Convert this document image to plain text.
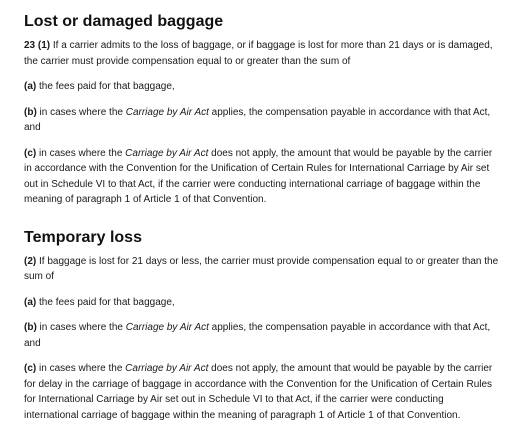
Lost or damaged baggage

23 (1) If a carrier admits to the loss of baggage, or if baggage is lost for more than 21 days or is damaged, the carrier must provide compensation equal to or greater than the sum of

(a) the fees paid for that baggage,

(b) in cases where the Carriage by Air Act applies, the compensation payable in accordance with that Act, and

(c) in cases where the Carriage by Air Act does not apply, the amount that would be payable by the carrier in accordance with the Convention for the Unification of Certain Rules for International Carriage by Air set out in Schedule VI to that Act, if the carrier were conducting international carriage of baggage within the meaning of paragraph 1 of Article 1 of that Convention.

Temporary loss

(2) If baggage is lost for 21 days or less, the carrier must provide compensation equal to or greater than the sum of

(a) the fees paid for that baggage,

(b) in cases where the Carriage by Air Act applies, the compensation payable in accordance with that Act, and

(c) in cases where the Carriage by Air Act does not apply, the amount that would be payable by the carrier for delay in the carriage of baggage in accordance with the Convention for the Unification of Certain Rules for International Carriage by Air set out in Schedule VI to that Act, if the carrier were conducting international carriage of baggage within the meaning of paragraph 1 of Article 1 of that Convention.
